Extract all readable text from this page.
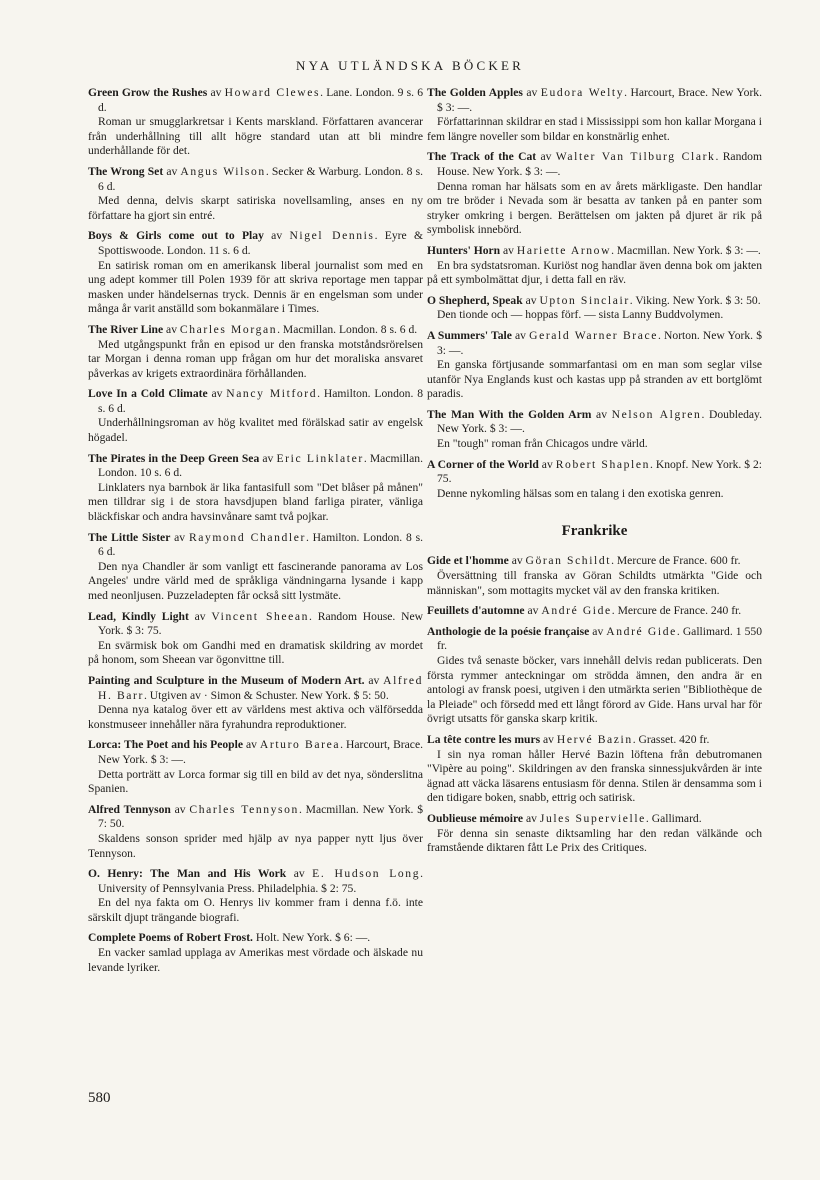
NYA UTLÄNDSKA BÖCKER
Green Grow the Rushes av Howard Clewes. Lane. London. 9 s. 6 d.
Roman ur smugglarkretsar i Kents marskland. Författaren avancerar från underhållning till allt högre standard utan att bli mindre underhållande för det.
The Wrong Set av Angus Wilson. Secker & Warburg. London. 8 s. 6 d.
Med denna, delvis skarpt satiriska novellsamling, anses en ny författare ha gjort sin entré.
Boys & Girls come out to Play av Nigel Dennis. Eyre & Spottiswoode. London. 11 s. 6 d.
En satirisk roman om en amerikansk liberal journalist som med en ung adept kommer till Polen 1939 för att skriva reportage men tappar masken under händelsernas tryck. Dennis är en engelsman som under många år varit anställd som bokanmälare i Times.
The River Line av Charles Morgan. Macmillan. London. 8 s. 6 d.
Med utgångspunkt från en episod ur den franska motståndsrörelsen tar Morgan i denna roman upp frågan om hur det moraliska ansvaret påverkas av krigets extraordinära förhållanden.
Love In a Cold Climate av Nancy Mitford. Hamilton. London. 8 s. 6 d.
Underhållningsroman av hög kvalitet med förälskad satir av engelsk högadel.
The Pirates in the Deep Green Sea av Eric Linklater. Macmillan. London. 10 s. 6 d.
Linklaters nya barnbok är lika fantasifull som "Det blåser på månen" men tilldrar sig i de stora havsdjupen bland farliga pirater, vänliga bläckfiskar och andra havsinvånare samt två pojkar.
The Little Sister av Raymond Chandler. Hamilton. London. 8 s. 6 d.
Den nya Chandler är som vanligt ett fascinerande panorama av Los Angeles' undre värld med de språkliga vändningarna lysande i kapp med neonljusen. Puzzeladepten får också sitt lystmäte.
Lead, Kindly Light av Vincent Sheean. Random House. New York. $ 3: 75.
En svärmisk bok om Gandhi med en dramatisk skildring av mordet på honom, som Sheean var ögonvittne till.
Painting and Sculpture in the Museum of Modern Art. av Alfred H. Barr. Utgiven av · Simon & Schuster. New York. $ 5: 50.
Denna nya katalog över ett av världens mest aktiva och välförsedda konstmuseer innehåller nära fyrahundra reproduktioner.
Lorca: The Poet and his People av Arturo Barea. Harcourt, Brace. New York. $ 3: —.
Detta porträtt av Lorca formar sig till en bild av det nya, sönderslitna Spanien.
Alfred Tennyson av Charles Tennyson. Macmillan. New York. $ 7: 50.
Skaldens sonson sprider med hjälp av nya papper nytt ljus över Tennyson.
O. Henry: The Man and His Work av E. Hudson Long. University of Pennsylvania Press. Philadelphia. $ 2: 75.
En del nya fakta om O. Henrys liv kommer fram i denna f.ö. inte särskilt djupt trängande biografi.
Complete Poems of Robert Frost. Holt. New York. $ 6: —.
En vacker samlad upplaga av Amerikas mest vördade och älskade nu levande lyriker.
The Golden Apples av Eudora Welty. Harcourt, Brace. New York. $ 3: —.
Författarinnan skildrar en stad i Mississippi som hon kallar Morgana i fem längre noveller som bildar en konstnärlig enhet.
The Track of the Cat av Walter Van Tilburg Clark. Random House. New York. $ 3: —.
Denna roman har hälsats som en av årets märkligaste. Den handlar om tre bröder i Nevada som är besatta av tanken på en panter som stryker omkring i bergen. Berättelsen om jakten på djuret är rik på symbolisk innebörd.
Hunters' Horn av Hariette Arnow. Macmillan. New York. $ 3: —.
En bra sydstatsroman. Kuriöst nog handlar även denna bok om jakten på ett symbolmättat djur, i detta fall en räv.
O Shepherd, Speak av Upton Sinclair. Viking. New York. $ 3: 50.
Den tionde och — hoppas förf. — sista Lanny Buddvolymen.
A Summers' Tale av Gerald Warner Brace. Norton. New York. $ 3: —.
En ganska förtjusande sommarfantasi om en man som seglar vilse utanför Nya Englands kust och kastas upp på stranden av ett bortglömt paradis.
The Man With the Golden Arm av Nelson Algren. Doubleday. New York. $ 3: —.
En "tough" roman från Chicagos undre värld.
A Corner of the World av Robert Shaplen. Knopf. New York. $ 2: 75.
Denne nykomling hälsas som en talang i den exotiska genren.
Frankrike
Gide et l'homme av Göran Schildt. Mercure de France. 600 fr.
Översättning till franska av Göran Schildts utmärkta "Gide och människan", som mottagits mycket väl av den franska kritiken.
Feuillets d'automne av André Gide. Mercure de France. 240 fr.
Anthologie de la poésie française av André Gide. Gallimard. 1 550 fr.
Gides två senaste böcker, vars innehåll delvis redan publicerats. Den första rymmer anteckningar om strödda ämnen, den andra är en antologi av fransk poesi, utgiven i den utmärkta serien "Bibliothèque de la Pleiade" och försedd med ett långt förord av Gide. Hans urval har för övrigt utsatts för ganska skarp kritik.
La tête contre les murs av Hervé Bazin. Grasset. 420 fr.
I sin nya roman håller Hervé Bazin löftena från debutromanen "Vipère au poing". Skildringen av den franska sinnessjukvården är inte ägnad att väcka läsarens entusiasm för denna. Stilen är densamma som i den tidigare boken, snabb, ettrig och satirisk.
Oublieuse mémoire av Jules Supervielle. Gallimard.
För denna sin senaste diktsamling har den redan välkände och framstående diktaren fått Le Prix des Critiques.
580
